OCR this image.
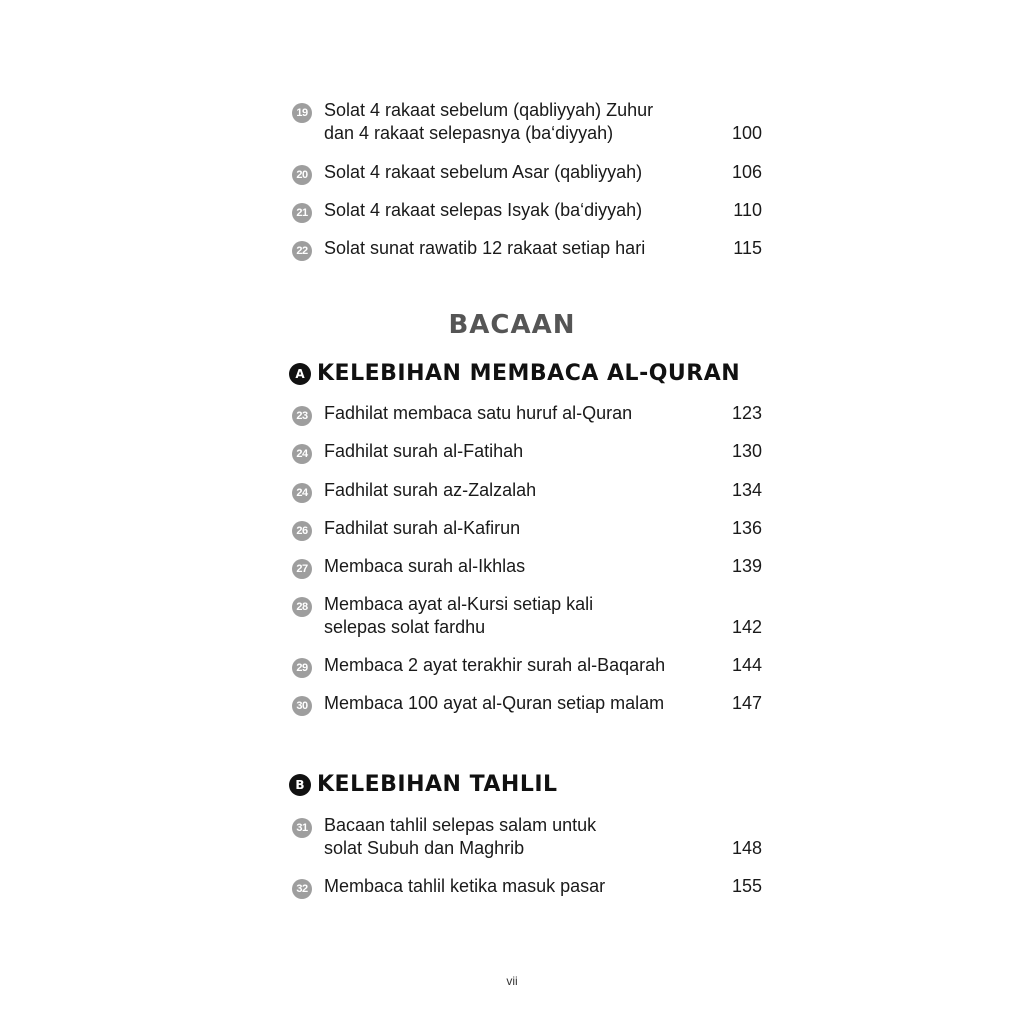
19 Solat 4 rakaat sebelum (qabliyyah) Zuhur
dan 4 rakaat selepasnya (ba‘diyyah)	100
20 Solat 4 rakaat sebelum Asar (qabliyyah)	106
21 Solat 4 rakaat selepas Isyak (ba‘diyyah)	110
22 Solat sunat rawatib 12 rakaat setiap hari	115
BACAAN
A KELEBIHAN MEMBACA AL-QURAN
23 Fadhilat membaca satu huruf al-Quran	123
24 Fadhilat surah al-Fatihah	130
24 Fadhilat surah az-Zalzalah	134
26 Fadhilat surah al-Kafirun	136
27 Membaca surah al-Ikhlas	139
28 Membaca ayat al-Kursi setiap kali
selepas solat fardhu	142
29 Membaca 2 ayat terakhir surah al-Baqarah	144
30 Membaca 100 ayat al-Quran setiap malam	147
B KELEBIHAN TAHLIL
31 Bacaan tahlil selepas salam untuk
solat Subuh dan Maghrib	148
32 Membaca tahlil ketika masuk pasar	155
vii
